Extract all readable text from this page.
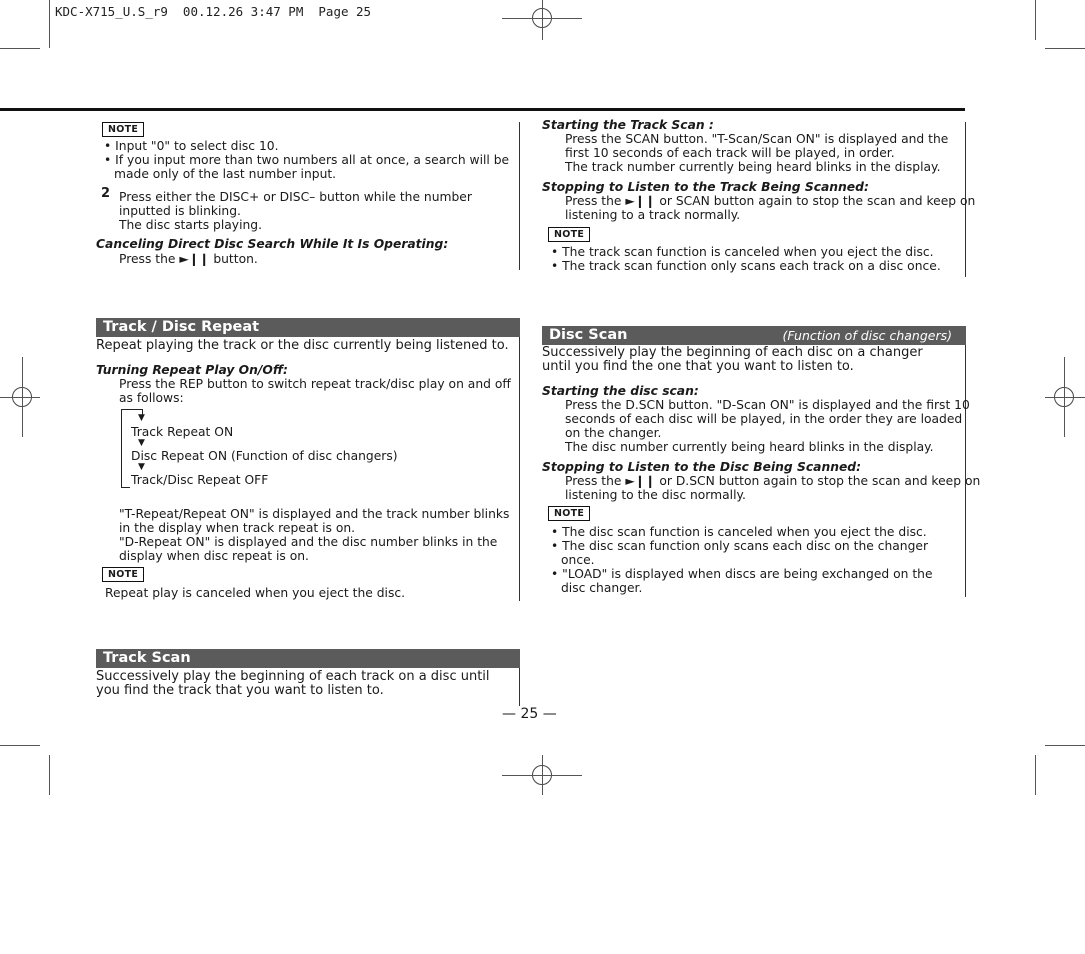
KDC-X715_U.S_r9  00.12.26 3:47 PM  Page 25
NOTE
• Input "0" to select disc 10.
• If you input more than two numbers all at once, a search will be made only of the last number input.
2 Press either the DISC+ or DISC– button while the number inputted is blinking.
The disc starts playing.
Canceling Direct Disc Search While It Is Operating:
Press the ►❙❙ button.
Starting the Track Scan :
Press the SCAN button. "T-Scan/Scan ON" is displayed and the first 10 seconds of each track will be played, in order.
The track number currently being heard blinks in the display.
Stopping to Listen to the Track Being Scanned:
Press the ►❙❙ or SCAN button again to stop the scan and keep on listening to a track normally.
NOTE
• The track scan function is canceled when you eject the disc.
• The track scan function only scans each track on a disc once.
Track / Disc Repeat
Repeat playing the track or the disc currently being listened to.
Turning Repeat Play On/Off:
Press the REP button to switch repeat track/disc play on and off as follows:
▼
Track Repeat ON
▼
Disc Repeat ON (Function of disc changers)
▼
Track/Disc Repeat OFF
"T-Repeat/Repeat ON" is displayed and the track number blinks in the display when track repeat is on.
"D-Repeat ON" is displayed and the disc number blinks in the display when disc repeat is on.
NOTE
Repeat play is canceled when you eject the disc.
Disc Scan	(Function of disc changers)
Successively play the beginning of each disc on a changer until you find the one that you want to listen to.
Starting the disc scan:
Press the D.SCN button. "D-Scan ON" is displayed and the first 10 seconds of each disc will be played, in the order they are loaded on the changer.
The disc number currently being heard blinks in the display.
Stopping to Listen to the Disc Being Scanned:
Press the ►❙❙ or D.SCN button again to stop the scan and keep on listening to the disc normally.
NOTE
• The disc scan function is canceled when you eject the disc.
• The disc scan function only scans each disc on the changer once.
• "LOAD" is displayed when discs are being exchanged on the disc changer.
Track Scan
Successively play the beginning of each track on a disc until you find the track that you want to listen to.
— 25 —
